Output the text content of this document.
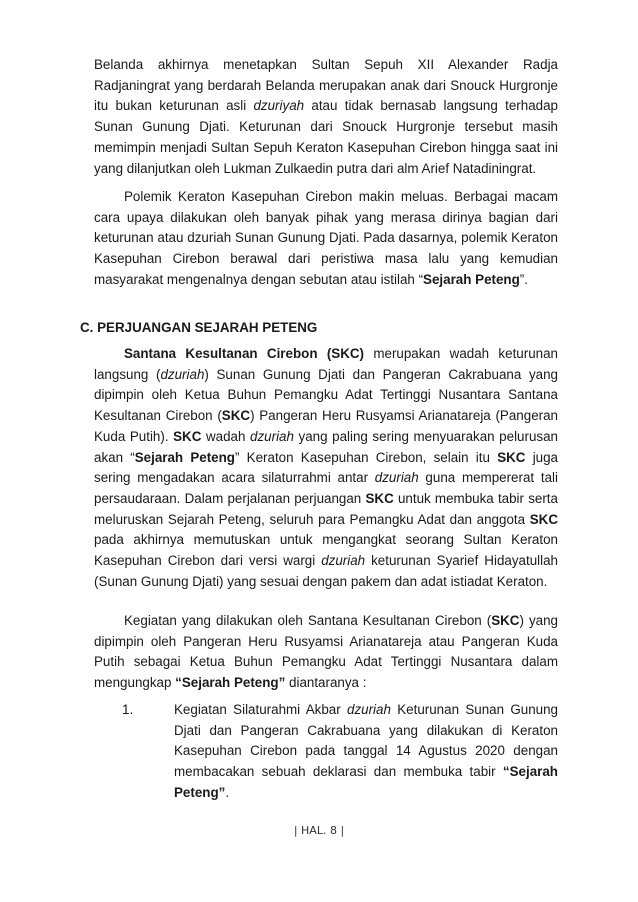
Belanda akhirnya menetapkan Sultan Sepuh XII Alexander Radja Radjaningrat yang berdarah Belanda merupakan anak dari Snouck Hurgronje itu bukan keturunan asli dzuriyah atau tidak bernasab langsung terhadap Sunan Gunung Djati. Keturunan dari Snouck Hurgronje tersebut masih memimpin menjadi Sultan Sepuh Keraton Kasepuhan Cirebon hingga saat ini yang dilanjutkan oleh Lukman Zulkaedin putra dari alm Arief Natadiningrat.
Polemik Keraton Kasepuhan Cirebon makin meluas. Berbagai macam cara upaya dilakukan oleh banyak pihak yang merasa dirinya bagian dari keturunan atau dzuriah Sunan Gunung Djati. Pada dasarnya, polemik Keraton Kasepuhan Cirebon berawal dari peristiwa masa lalu yang kemudian masyarakat mengenalnya dengan sebutan atau istilah “Sejarah Peteng”.
C. PERJUANGAN SEJARAH PETENG
Santana Kesultanan Cirebon (SKC) merupakan wadah keturunan langsung (dzuriah) Sunan Gunung Djati dan Pangeran Cakrabuana yang dipimpin oleh Ketua Buhun Pemangku Adat Tertinggi Nusantara Santana Kesultanan Cirebon (SKC) Pangeran Heru Rusyamsi Arianatareja (Pangeran Kuda Putih). SKC wadah dzuriah yang paling sering menyuarakan pelurusan akan “Sejarah Peteng” Keraton Kasepuhan Cirebon, selain itu SKC juga sering mengadakan acara silaturrahmi antar dzuriah guna mempererat tali persaudaraan. Dalam perjalanan perjuangan SKC untuk membuka tabir serta meluruskan Sejarah Peteng, seluruh para Pemangku Adat dan anggota SKC pada akhirnya memutuskan untuk mengangkat seorang Sultan Keraton Kasepuhan Cirebon dari versi wargi dzuriah keturunan Syarief Hidayatullah (Sunan Gunung Djati) yang sesuai dengan pakem dan adat istiadat Keraton.
Kegiatan yang dilakukan oleh Santana Kesultanan Cirebon (SKC) yang dipimpin oleh Pangeran Heru Rusyamsi Arianatareja atau Pangeran Kuda Putih sebagai Ketua Buhun Pemangku Adat Tertinggi Nusantara dalam mengungkap “Sejarah Peteng” diantaranya :
1.	Kegiatan Silaturahmi Akbar dzuriah Keturunan Sunan Gunung Djati dan Pangeran Cakrabuana yang dilakukan di Keraton Kasepuhan Cirebon pada tanggal 14 Agustus 2020 dengan membacakan sebuah deklarasi dan membuka tabir “Sejarah Peteng”.
| HAL. 8 |
